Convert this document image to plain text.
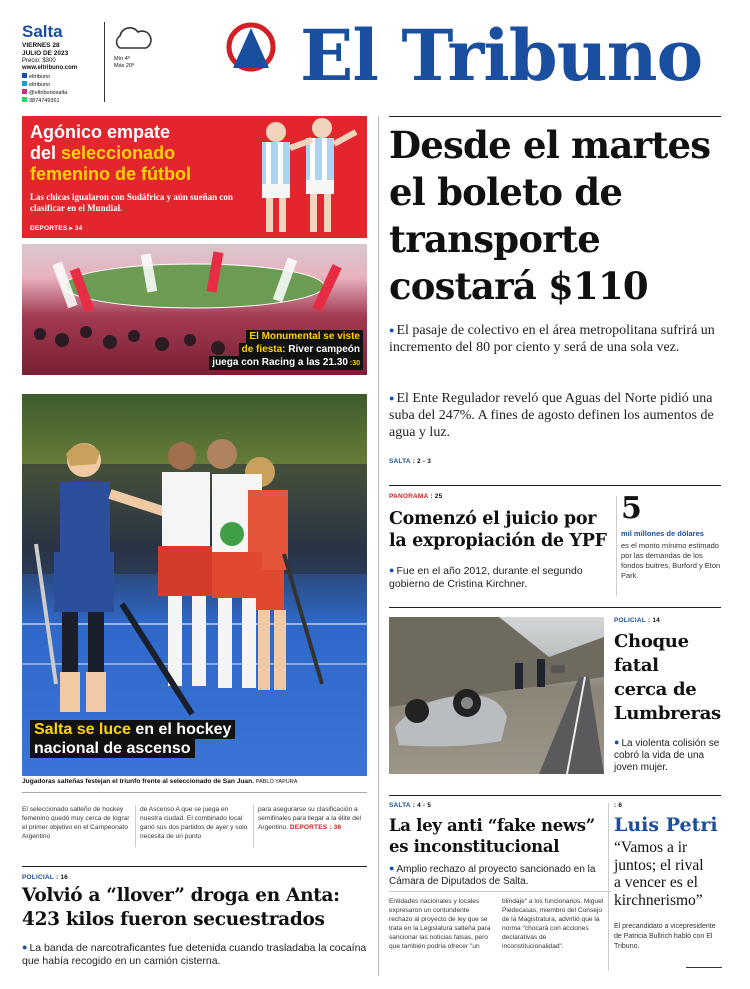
Salta
VIERNES 28
JULIO DE 2023
Precio: $300
www.eltribuno.com
eltribuno
eltribuno
@eltribunosalta
3874749361
Mín 4º
Máx 20º El Tribuno
Agónico empate
del seleccionado
femenino de fútbol
Las chicas igualaron con Sudáfrica y aún sueñan con clasificar en el Mundial.
DEPORTES ▸ 34
El Monumental se viste
de fiesta: River campeón
juega con Racing a las 21.30 :30
Salta se luce en el hockey
nacional de ascenso
Jugadoras salteñas festejan el triunfo frente al seleccionado de San Juan. PABLO YAPURA

El seleccionado salteño de hockey femenino quedó muy cerca de lograr el primer objetivo en el Campeonato Argentino

de Ascenso A que se juega en nuestra ciudad. El combinado local ganó sus dos partidos de ayer y solo necesita de un punto

para asegurarse su clasificación a semifinales para llegar a la élite del Argentino. DEPORTES : 36

POLICIAL : 16
Volvió a “llover” droga en Anta:
423 kilos fueron secuestrados
● La banda de narcotraficantes fue detenida cuando trasladaba la cocaína que había recogido en un camión cisterna.
Desde el martes
el boleto de
transporte
costará $110
● El pasaje de colectivo en el área metropolitana sufrirá un incremento del 80 por ciento y será de una sola vez.
● El Ente Regulador reveló que Aguas del Norte pidió una suba del 247%. A fines de agosto definen los aumentos de agua y luz.
SALTA : 2 - 3
PANORAMA : 25
Comenzó el juicio por
la expropiación de YPF
● Fue en el año 2012, durante el segundo gobierno de Cristina Kirchner.
5
mil millones de dólares
es el monto mínimo estimado por las demandas de los fondos buitres, Burford y Eton Park.
POLICIAL : 14
Choque
fatal
cerca de
Lumbreras
● La violenta colisión se cobró la vida de una joven mujer.
SALTA : 4 - 5
La ley anti “fake news”
es inconstitucional
● Amplio rechazo al proyecto sancionado en la Cámara de Diputados de Salta.

Entidades nacionales y locales expresaron un contundente rechazo al proyecto de ley que se trata en la Legislatura salteña para sancionar las noticias falsas, pero que también podría ofrecer "un

blindaje" a los funcionarios. Miguel Piedecasas, miembro del Consejo de la Magistratura, advirtió que la norma "chocará con acciones declarativas de inconstitucionalidad".

: 6
Luis Petri
“Vamos a ir
juntos; el rival
a vencer es el
kirchnerismo”
El precandidato a vicepresidente de Patricia Bullrich habló con El Tribuno.
